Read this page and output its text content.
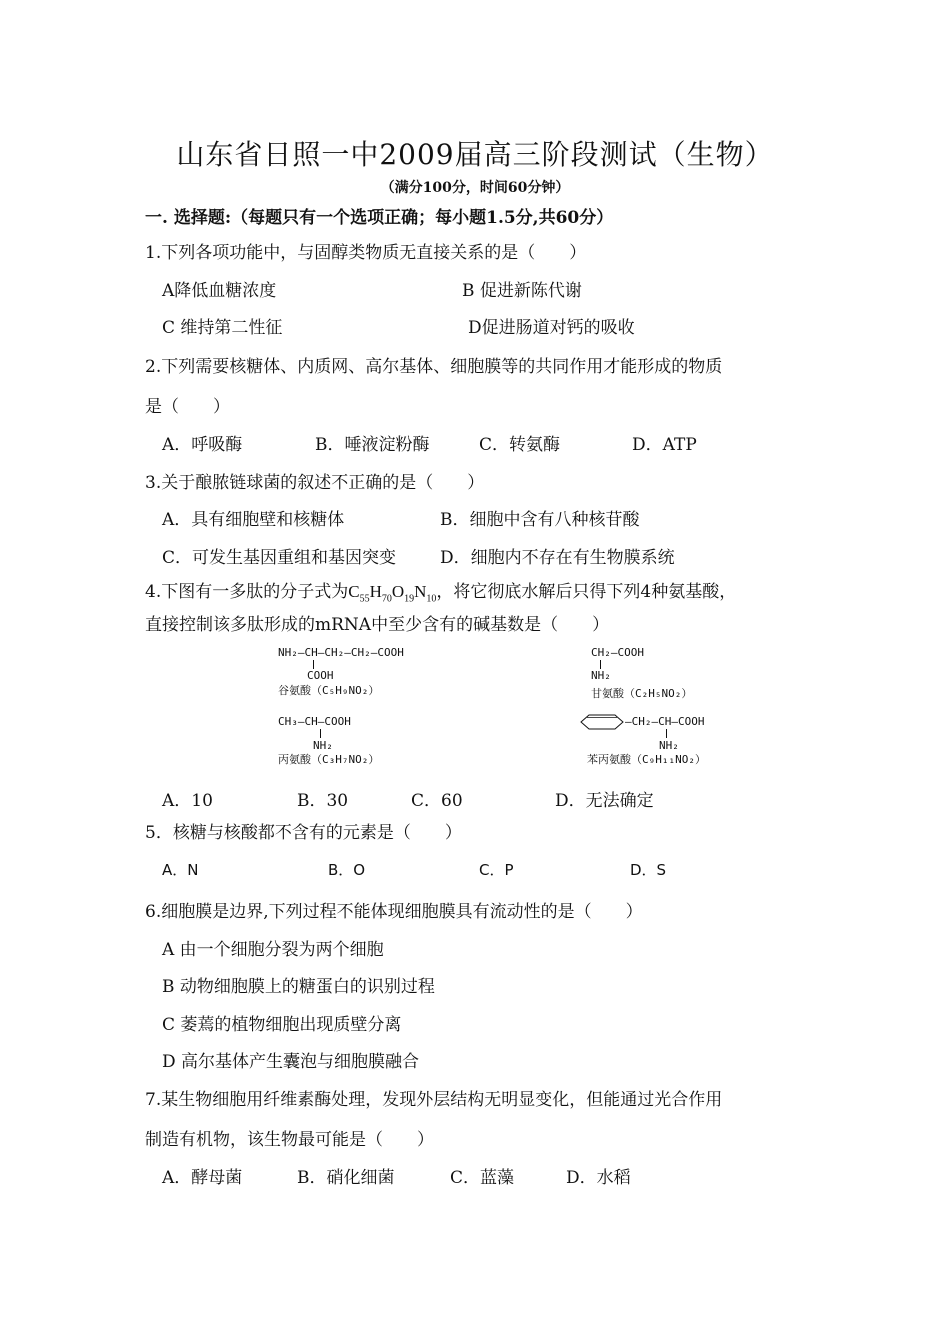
山东省日照一中2009届高三阶段测试（生物）
（满分100分，时间60分钟）
一. 选择题:（每题只有一个选项正确；每小题1.5分,共60分）
1.下列各项功能中，与固醇类物质无直接关系的是（　　）
A降低血糖浓度	B 促进新陈代谢
C 维持第二性征	D促进肠道对钙的吸收
2.下列需要核糖体、内质网、高尔基体、细胞膜等的共同作用才能形成的物质
是（　　）
A．呼吸酶	B．唾液淀粉酶	C．转氨酶	D．ATP
3.关于酿脓链球菌的叙述不正确的是（　　）
A．具有细胞壁和核糖体	B．细胞中含有八种核苷酸
C．可发生基因重组和基因突变	D．细胞内不存在有生物膜系统
4.下图有一多肽的分子式为$C_{55}H_{70}O_{19}N_{10}$，将它彻底水解后只得下列4种氨基酸，
直接控制该多肽形成的mRNA中至少含有的碱基数是（　　）
NH₂—CH—CH₂—CH₂—COOH
COOH
谷氨酸（C₅H₉NO₂）
CH₂—COOH
NH₂
甘氨酸（C₂H₅NO₂）
CH₃—CH—COOH
NH₂
丙氨酸（C₃H₇NO₂）
—CH₂—CH—COOH
NH₂
苯丙氨酸（C₉H₁₁NO₂）
A．10	B．30	C．60	D．无法确定
5．核糖与核酸都不含有的元素是（　　）
A．N	B．O	C．P	D．S
6.细胞膜是边界,下列过程不能体现细胞膜具有流动性的是（　　）
A 由一个细胞分裂为两个细胞
B 动物细胞膜上的糖蛋白的识别过程
C 萎蔫的植物细胞出现质壁分离
D 高尔基体产生囊泡与细胞膜融合
7.某生物细胞用纤维素酶处理，发现外层结构无明显变化，但能通过光合作用
制造有机物，该生物最可能是（　　）
A．酵母菌	B．硝化细菌	C．蓝藻	D．水稻
